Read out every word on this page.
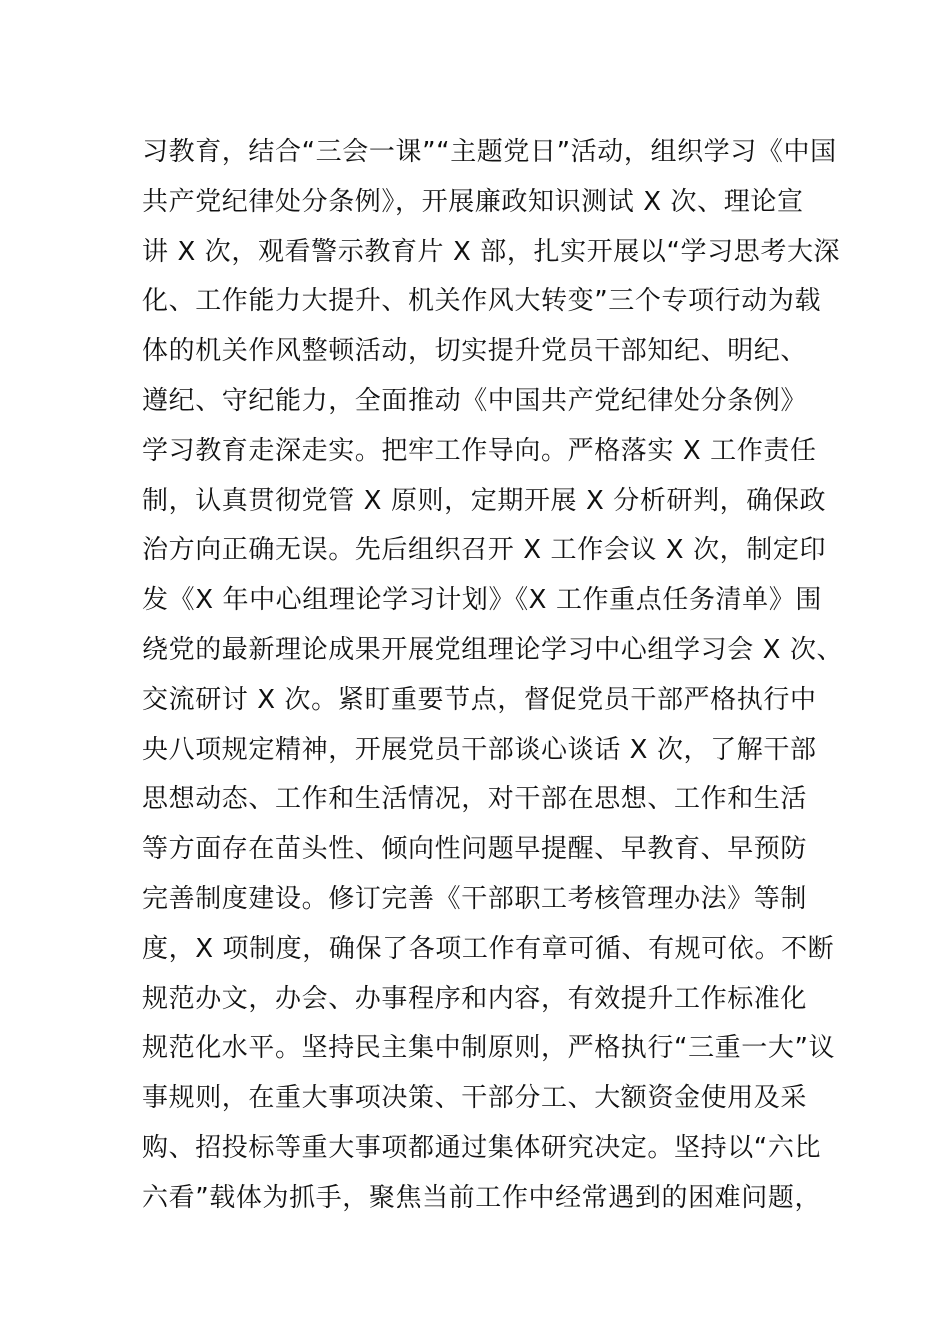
习教育，结合“三会一课”“主题党日”活动，组织学习《中国
共产党纪律处分条例》，开展廉政知识测试 X 次、理论宣
讲 X 次，观看警示教育片 X 部，扎实开展以“学习思考大深
化、工作能力大提升、机关作风大转变”三个专项行动为载
体的机关作风整顿活动，切实提升党员干部知纪、明纪、
遵纪、守纪能力，全面推动《中国共产党纪律处分条例》
学习教育走深走实。把牢工作导向。严格落实 X 工作责任
制，认真贯彻党管 X 原则，定期开展 X 分析研判，确保政
治方向正确无误。先后组织召开 X 工作会议 X 次，制定印
发《X 年中心组理论学习计划》《X 工作重点任务清单》围
绕党的最新理论成果开展党组理论学习中心组学习会 X 次、
交流研讨 X 次。紧盯重要节点，督促党员干部严格执行中
央八项规定精神，开展党员干部谈心谈话 X 次，了解干部
思想动态、工作和生活情况，对干部在思想、工作和生活
等方面存在苗头性、倾向性问题早提醒、早教育、早预防
完善制度建设。修订完善《干部职工考核管理办法》等制
度，X 项制度，确保了各项工作有章可循、有规可依。不断
规范办文，办会、办事程序和内容，有效提升工作标准化
规范化水平。坚持民主集中制原则，严格执行“三重一大”议
事规则，在重大事项决策、干部分工、大额资金使用及采
购、招投标等重大事项都通过集体研究决定。坚持以“六比
六看”载体为抓手，聚焦当前工作中经常遇到的困难问题，
